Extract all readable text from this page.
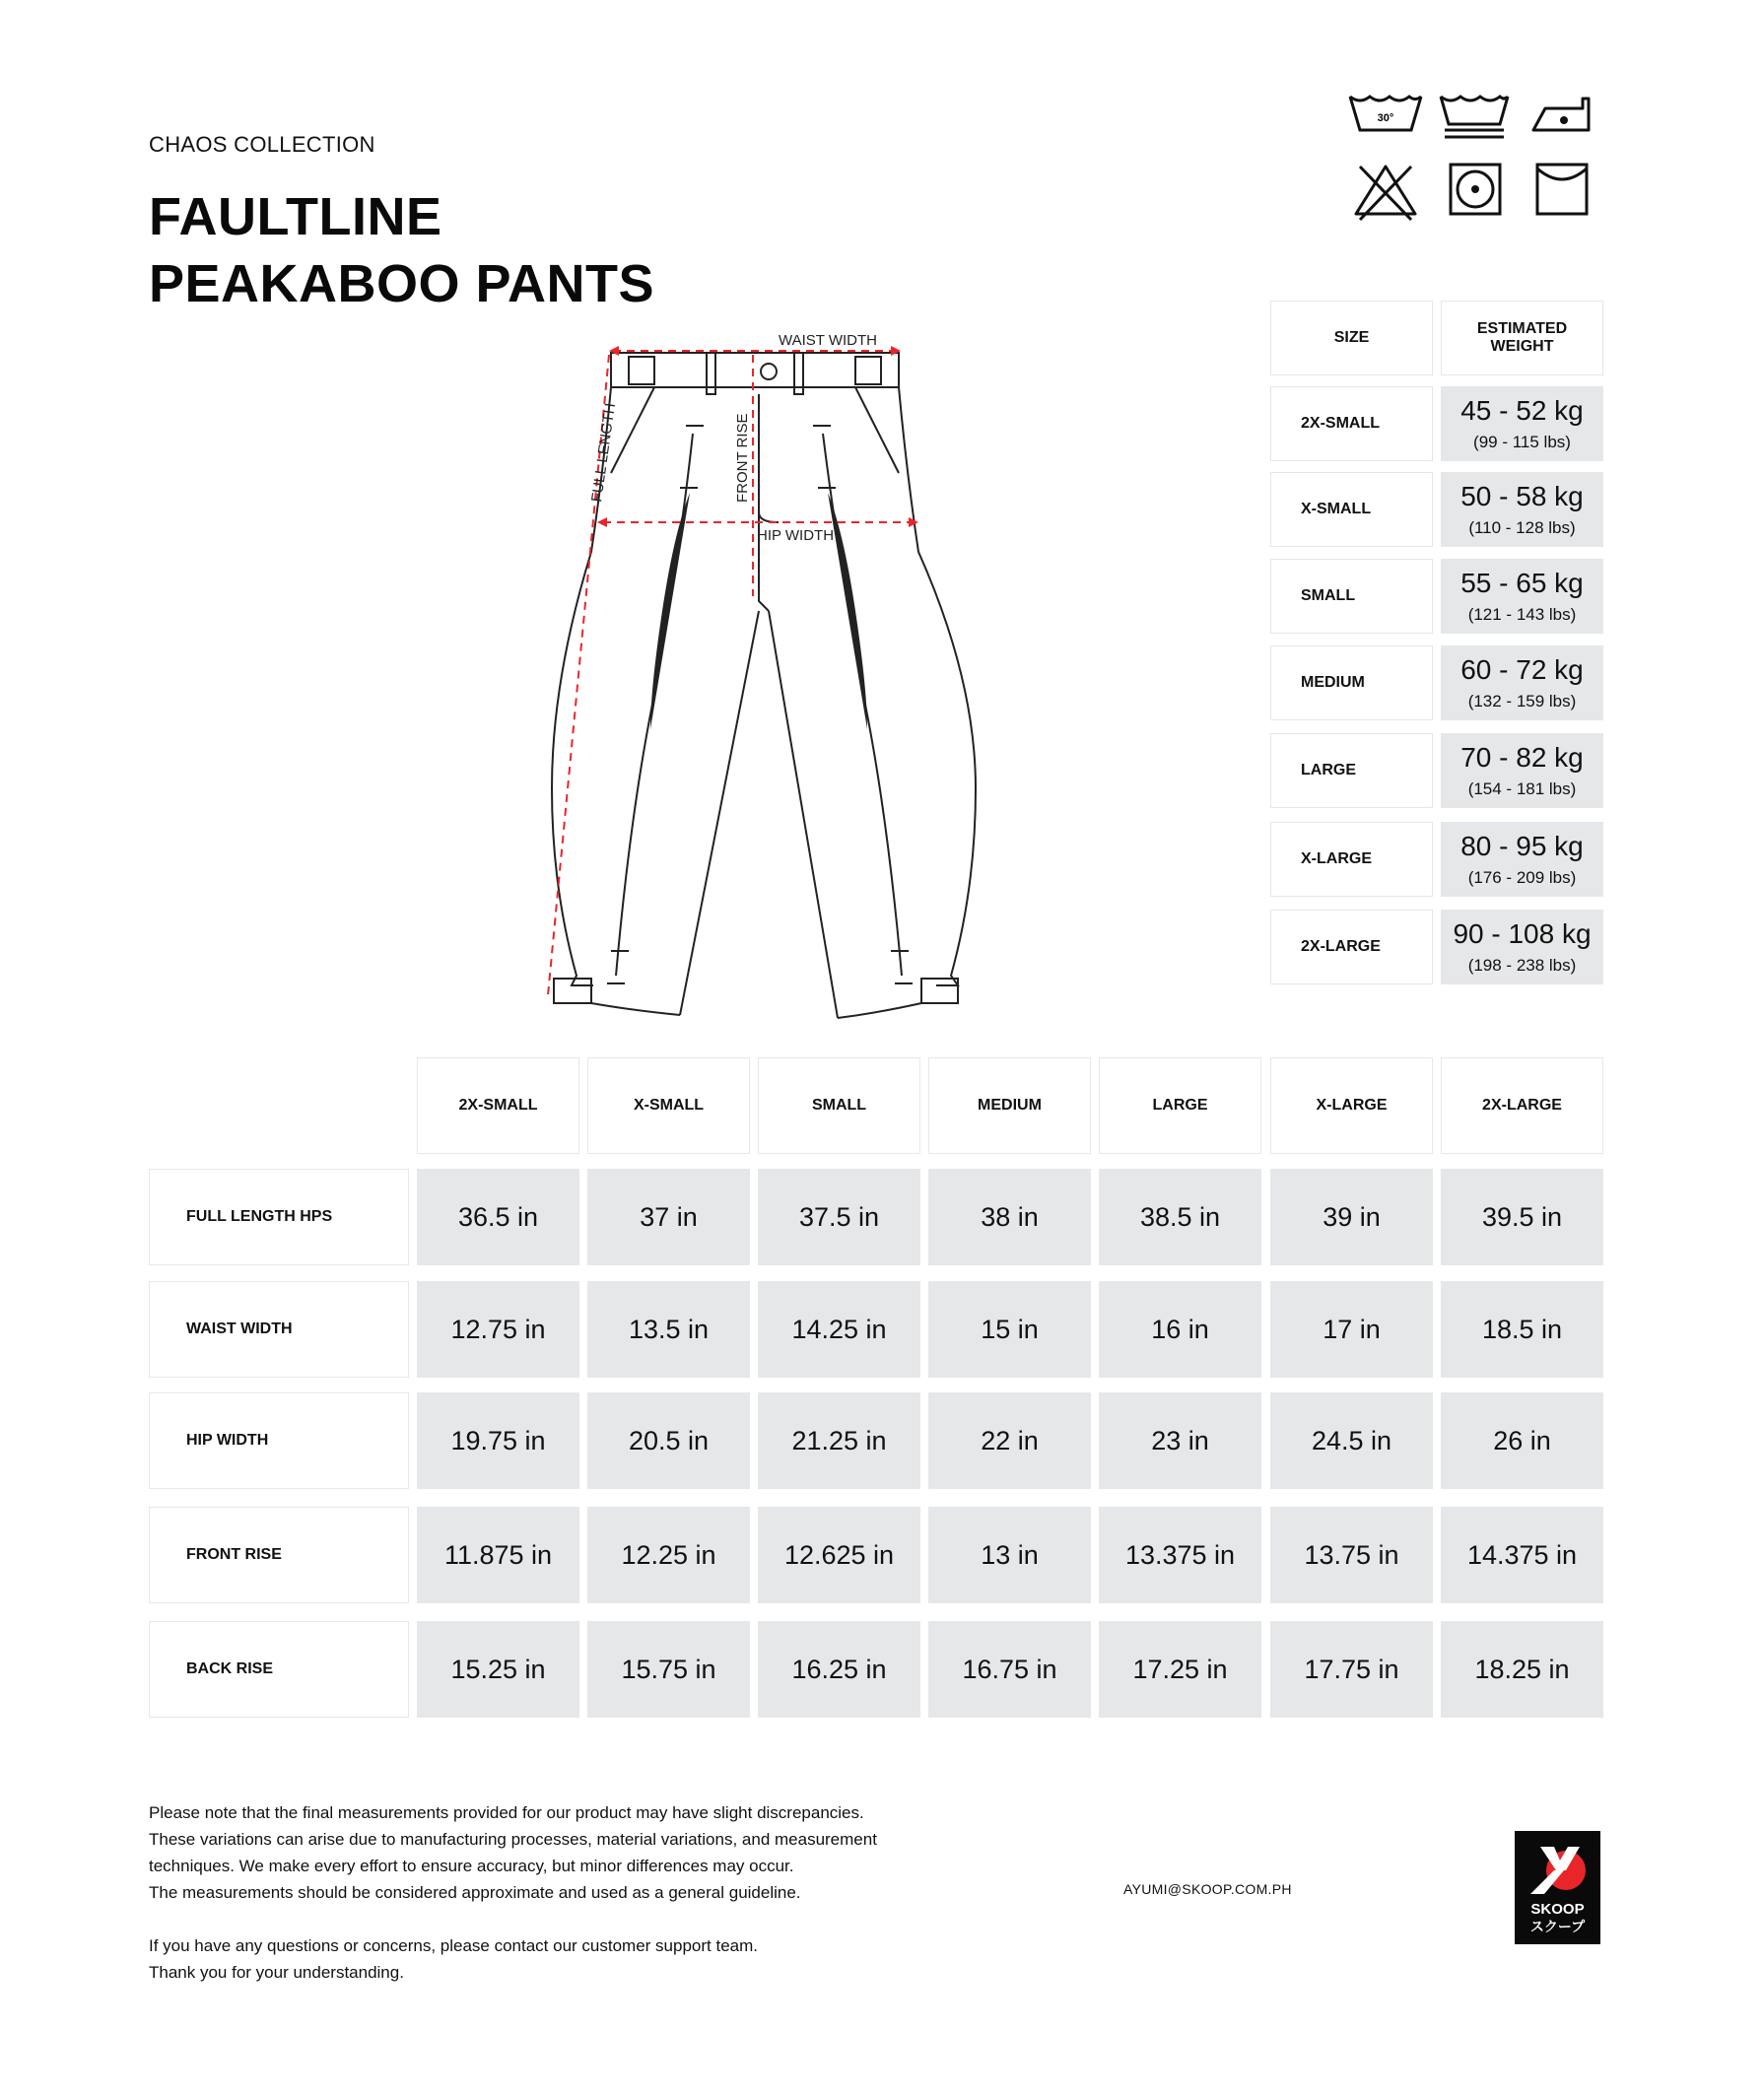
CHAOS COLLECTION
FAULTLINE
PEAKABOO PANTS
30°
WAIST WIDTH
HIP WIDTH
FULL LENGTH	FRONT RISE
SIZE
ESTIMATED
WEIGHT
2X-SMALL	45 - 52 kg
(99 - 115 lbs)
X-SMALL	50 - 58 kg
(110 - 128 lbs)
SMALL	55 - 65 kg
(121 - 143 lbs)
MEDIUM	60 - 72 kg
(132 - 159 lbs)
LARGE	70 - 82 kg
(154 - 181 lbs)
X-LARGE	80 - 95 kg
(176 - 209 lbs)
2X-LARGE	90 - 108 kg
(198 - 238 lbs)
2X-SMALL	X-SMALL	SMALL	MEDIUM	LARGE	X-LARGE	2X-LARGE
FULL LENGTH HPS	36.5 in	37 in	37.5 in	38 in	38.5 in	39 in	39.5 in
WAIST WIDTH	12.75 in	13.5 in	14.25 in	15 in	16 in	17 in	18.5 in
HIP WIDTH	19.75 in	20.5 in	21.25 in	22 in	23 in	24.5 in	26 in
FRONT RISE	11.875 in	12.25 in	12.625 in	13 in	13.375 in	13.75 in	14.375 in
BACK RISE	15.25 in	15.75 in	16.25 in	16.75 in	17.25 in	17.75 in	18.25 in

Please note that the final measurements provided for our product may have slight discrepancies.

These variations can arise due to manufacturing processes, material variations, and measurement

techniques. We make every effort to ensure accuracy, but minor differences may occur.

The measurements should be considered approximate and used as a general guideline.

If you have any questions or concerns, please contact our customer support team.

Thank you for your understanding.

AYUMI@SKOOP.COM.PH
SKOOP
スクープ
